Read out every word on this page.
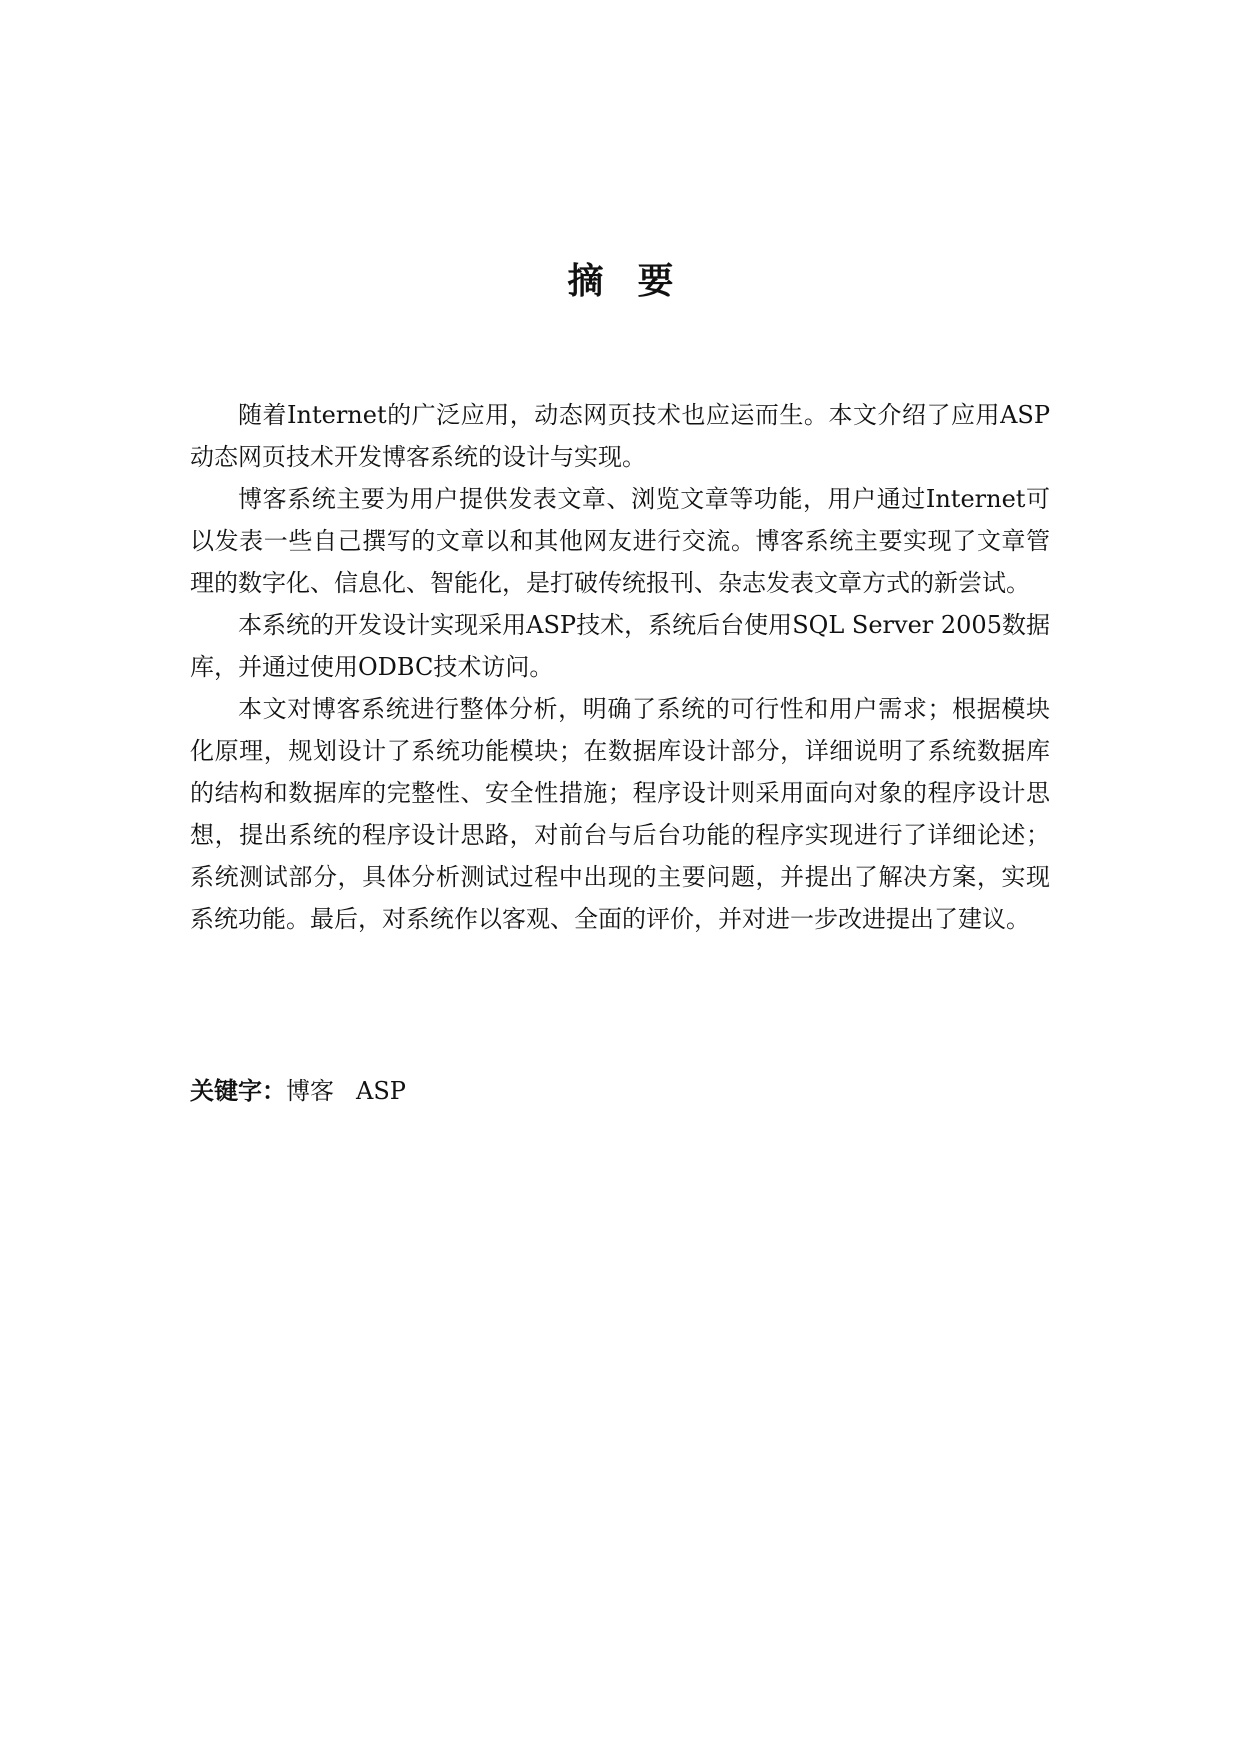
摘要

随着Internet的广泛应用，动态网页技术也应运而生。本文介绍了应用ASP动态网页技术开发博客系统的设计与实现。

博客系统主要为用户提供发表文章、浏览文章等功能，用户通过Internet可以发表一些自己撰写的文章以和其他网友进行交流。博客系统主要实现了文章管理的数字化、信息化、智能化，是打破传统报刊、杂志发表文章方式的新尝试。

本系统的开发设计实现采用ASP技术，系统后台使用SQL Server 2005数据库，并通过使用ODBC技术访问。

本文对博客系统进行整体分析，明确了系统的可行性和用户需求；根据模块化原理，规划设计了系统功能模块；在数据库设计部分，详细说明了系统数据库的结构和数据库的完整性、安全性措施；程序设计则采用面向对象的程序设计思想，提出系统的程序设计思路，对前台与后台功能的程序实现进行了详细论述；系统测试部分，具体分析测试过程中出现的主要问题，并提出了解决方案，实现系统功能。最后，对系统作以客观、全面的评价，并对进一步改进提出了建议。

关键字：博客 ASP
